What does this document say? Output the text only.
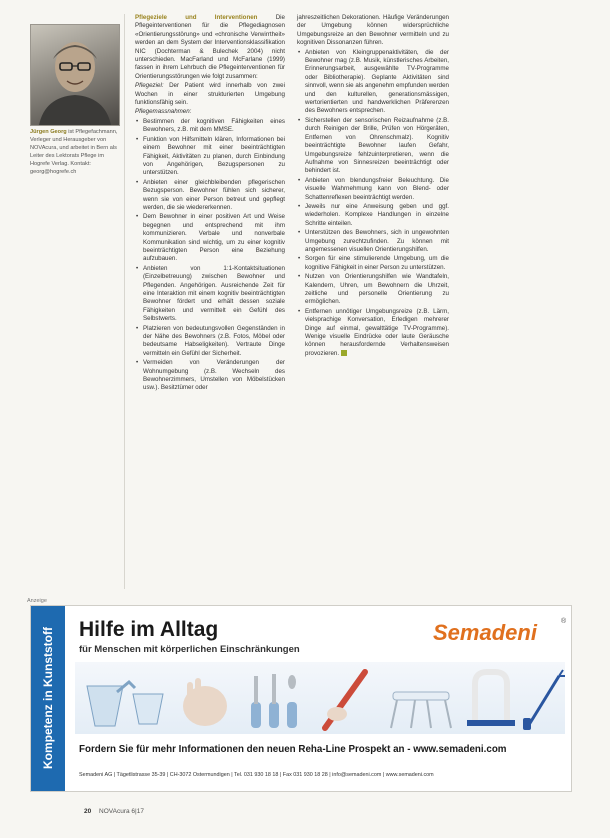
Jürgen Georg ist Pflegefachmann, Verleger und Herausgeber von NOVAcura, und arbeitet in Bern als Leiter des Lektorats Pflege im Hogrefe Verlag. Kontakt: georg@hogrefe.ch

Pflegeziele und Interventionen	Die Pflegeinterventionen für die Pflegediagnosen «Orientierungsstörung» und «chronische Verwirrtheit» werden an dem System der Interventionsklassifikation NIC (Dochterman & Bulechek 2004) nicht unterschieden. MacFarland und McFarlane (1999) fassen in ihrem Lehrbuch die Pflegeinterventionen für Orientierungsstörungen wie folgt zusammen:

Pflegeziel: Der Patient wird innerhalb von zwei Wochen in einer strukturierten Umgebung funktionsfähig sein.

Pflegemassnahmen:

• Bestimmen der kognitiven Fähigkeiten eines Bewohners, z.B. mit dem MMSE.
• Funktion von Hilfsmitteln klären, Informationen bei einem Bewohner mit einer beeinträchtigten Fähigkeit, Aktivitäten zu planen, durch Einbindung von Angehörigen, Bezugspersonen zu unterstützen.
• Anbieten einer gleichbleibenden pflegerischen Bezugsperson. Bewohner fühlen sich sicherer, wenn sie von einer Person betreut und gepflegt werden, die sie wiedererkennen.
• Dem Bewohner in einer positiven Art und Weise begegnen und entsprechend mit ihm kommunizieren. Verbale und nonverbale Kommunikation sind wichtig, um zu einer kognitiv beeinträchtigten Person eine Beziehung aufzubauen.
• Anbieten von 1:1-Kontaktsituationen (Einzelbetreuung) zwischen Bewohner und Pflegenden. Angehörigen. Ausreichende Zeit für eine Interaktion mit einem kognitiv beeinträchtigten Bewohner fördert und erhält dessen soziale Fähigkeiten und vermittelt ein Gefühl des Selbstwerts.
• Platzieren von bedeutungsvollen Gegenständen in der Nähe des Bewohners (z.B. Fotos, Möbel oder bedeutsame Habseligkeiten). Vertraute Dinge vermitteln ein Gefühl der Sicherheit.
• Vermeiden von Veränderungen der Wohnumgebung (z.B. Wechseln des Bewohnerzimmers, Umstellen von Möbelstücken usw.). Besitztümer oder

jahreszeitlichen Dekorationen. Häufige Veränderungen der Umgebung können widersprüchliche Umgebungsreize an den Bewohner vermitteln und zu kognitiven Dissonanzen führen.

• Anbieten von Kleingruppenaktivitäten, die der Bewohner mag (z.B. Musik, künstlerisches Arbeiten, Erinnerungsarbeit, ausgewählte TV-Programme oder Bibliotherapie). Geplante Aktivitäten sind sinnvoll, wenn sie als angenehm empfunden werden und den kulturellen, generationsmässigen, wertorientierten und handwerklichen Präferenzen des Bewohners entsprechen.
• Sicherstellen der sensorischen Reizaufnahme (z.B. durch Reinigen der Brille, Prüfen von Hörgeräten, Entfernen von Ohrenschmalz). Kognitiv beeinträchtigte Bewohner laufen Gefahr, Umgebungsreize fehlzuinterpretieren, wenn die Aufnahme von Sinnesreizen beeinträchtigt oder behindert ist.
• Anbieten von blendungsfreier Beleuchtung. Die visuelle Wahrnehmung kann von Blend- oder Schattenreflexen beeinträchtigt werden.
• Jeweils nur eine Anweisung geben und ggf. wiederholen. Komplexe Handlungen in einzelne Schritte einteilen.
• Unterstützen des Bewohners, sich in ungewohnten Umgebung zurechtzufinden. Zu können mit angemessenen visuellen Orientierungshilfen.
• Sorgen für eine stimulierende Umgebung, um die kognitive Fähigkeit in einer Person zu unterstützen.
• Nutzen von Orientierungshilfen wie Wandtafeln, Kalendern, Uhren, um Bewohnern die Uhrzeit, zeitliche und personelle Orientierung zu ermöglichen.
• Entfernen unnötiger Umgebungsreize (z.B. Lärm, vielsprachige Konversation, Erledigen mehrerer Dinge auf einmal, gewalttätige TV-Programme). Wenige visuelle Eindrücke oder laute Geräusche können herausfordernde Verhaltensweisen provozieren.
Anzeige
Kompetenz in Kunststoff Hilfe im Alltag
für Menschen mit körperlichen Einschränkungen
Semadeni	®
Fordern Sie für mehr Informationen den neuen Reha-Line Prospekt an - www.semadeni.com
Semadeni AG | Tägetlistrasse 35-39 | CH-3072 Ostermundigen | Tel. 031 930 18 18 | Fax 031 930 18 28 | info@semadeni.com | www.semadeni.com
20 NOVAcura 6|17
